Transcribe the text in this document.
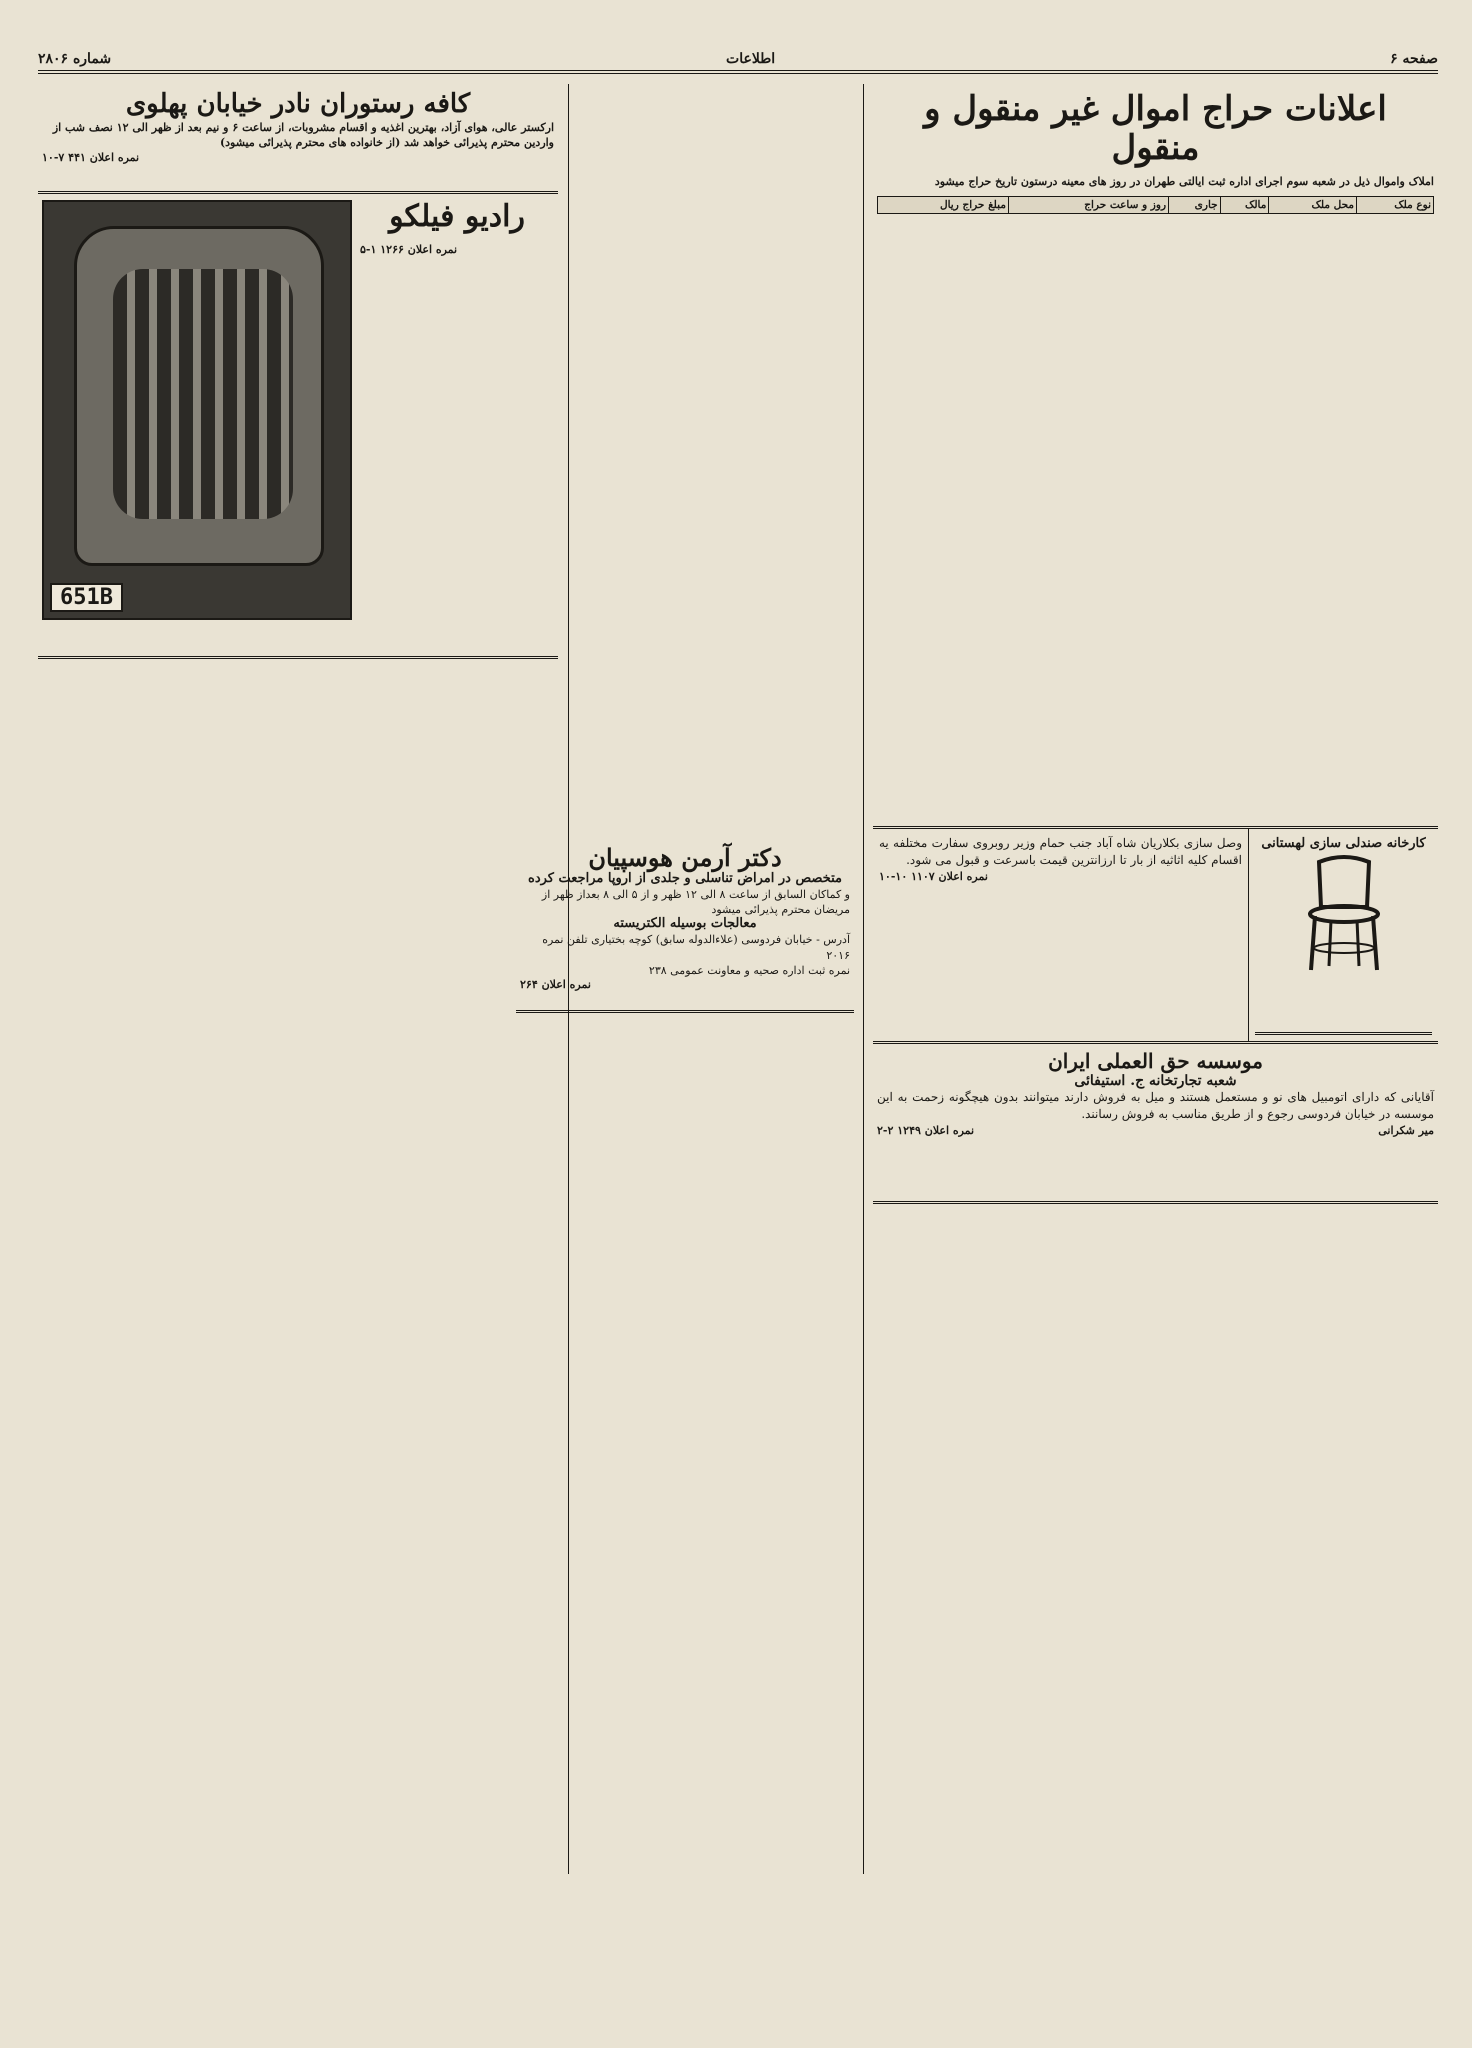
صفحه ۶
اطلاعات
شماره ۲۸۰۶
اعلانات حراج اموال غیر منقول و منقول
املاک واموال ذیل در شعبه سوم اجرای اداره ثبت ایالتی طهران در روز های معینه درستون تاریخ حراج میشود
نوع ملک	محل ملک	مالک	جاری	روز و ساعت حراج	مبلغ حراج ریال
کارخانه صندلی سازی لهستانی
وصل سازی بکلاریان شاه آباد جنب حمام وزیر روبروی سفارت مختلفه یه اقسام کلیه اثاثیه از بار تا ارزانترین قیمت باسرعت و قبول می شود.
نمره اعلان ۱۱۰۷ ۱۰-۱۰
موسسه حق العملی ایران
شعبه تجارتخانه ج. استیفائی
آقایانی که دارای اتومبیل های نو و مستعمل هستند و میل به فروش دارند میتوانند بدون هیچگونه زحمت به این موسسه در خیابان فردوسی رجوع و از طریق مناسب به فروش رسانند.
میر شکرانی
نمره اعلان ۱۲۴۹ ۲-۲
دکتر آرمن هوسپیان
متخصص در امراض تناسلی و جلدی از اروپا مراجعت کرده
و کماکان السابق از ساعت ۸ الی ۱۲ ظهر و از ۵ الی ۸ بعداز ظهر از مریضان محترم پذیرائی میشود
معالجات بوسیله الکتریسته
آدرس - خیابان فردوسی (علاءالدوله سابق) کوچه بختیاری تلفن نمره ۲۰۱۶
نمره ثبت اداره صحیه و معاونت عمومی ۲۳۸
نمره اعلان ۲۶۴
کافه رستوران نادر خیابان پهلوی
ارکستر عالی، هوای آزاد، بهترین اغذیه و اقسام مشروبات، از ساعت ۶ و نیم بعد از ظهر الی ۱۲ نصف شب از واردین محترم پذیرائی خواهد شد (از خانواده های محترم پذیرائی میشود)
نمره اعلان ۴۴۱ ۷-۱۰
رادیو فیلکو
نمره اعلان ۱۲۶۶ ۱-۵
651B
